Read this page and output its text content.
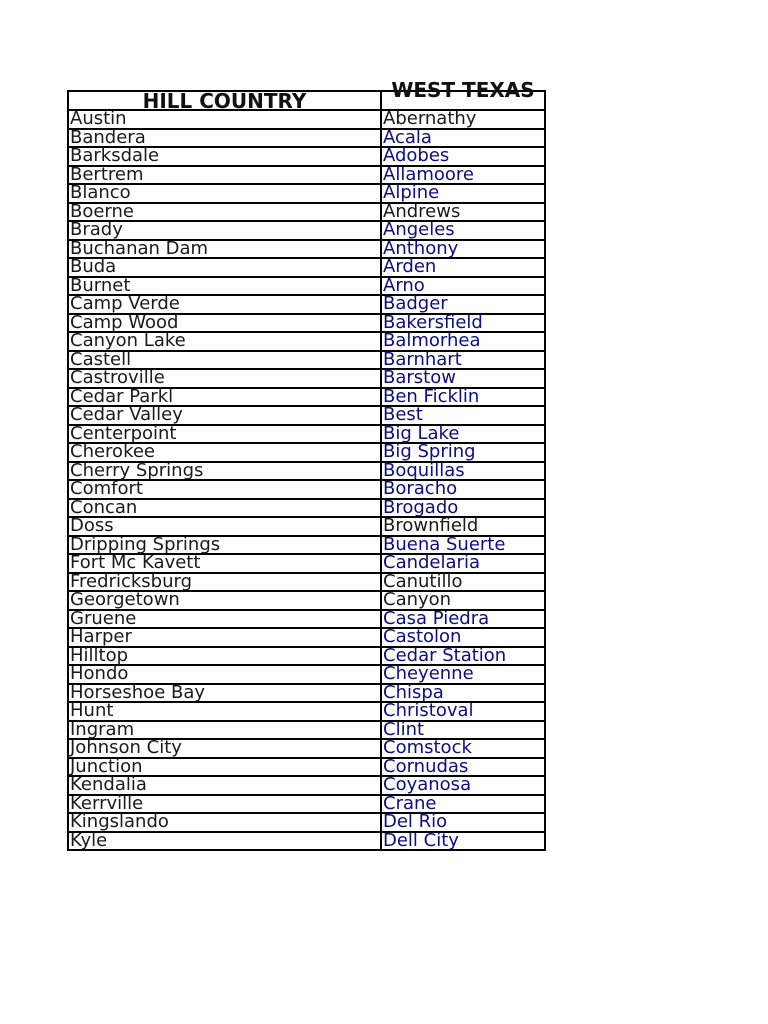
HILL COUNTRY	WEST TEXAS

Austin	Abernathy
Bandera	Acala
Barksdale	Adobes
Bertrem	Allamoore
Blanco	Alpine
Boerne	Andrews
Brady	Angeles
Buchanan Dam	Anthony
Buda	Arden
Burnet	Arno
Camp Verde	Badger
Camp Wood	Bakersfield
Canyon Lake	Balmorhea
Castell	Barnhart
Castroville	Barstow
Cedar Parkl	Ben Ficklin
Cedar Valley	Best
Centerpoint	Big Lake
Cherokee	Big Spring
Cherry Springs	Boquillas
Comfort	Boracho
Concan	Brogado
Doss	Brownfield
Dripping Springs	Buena Suerte
Fort Mc Kavett	Candelaria
Fredricksburg	Canutillo
Georgetown	Canyon
Gruene	Casa Piedra
Harper	Castolon
Hilltop	Cedar Station
Hondo	Cheyenne
Horseshoe Bay	Chispa
Hunt	Christoval
Ingram	Clint
Johnson City	Comstock
Junction	Cornudas
Kendalia	Coyanosa
Kerrville	Crane
Kingslando	Del Rio
Kyle	Dell City
